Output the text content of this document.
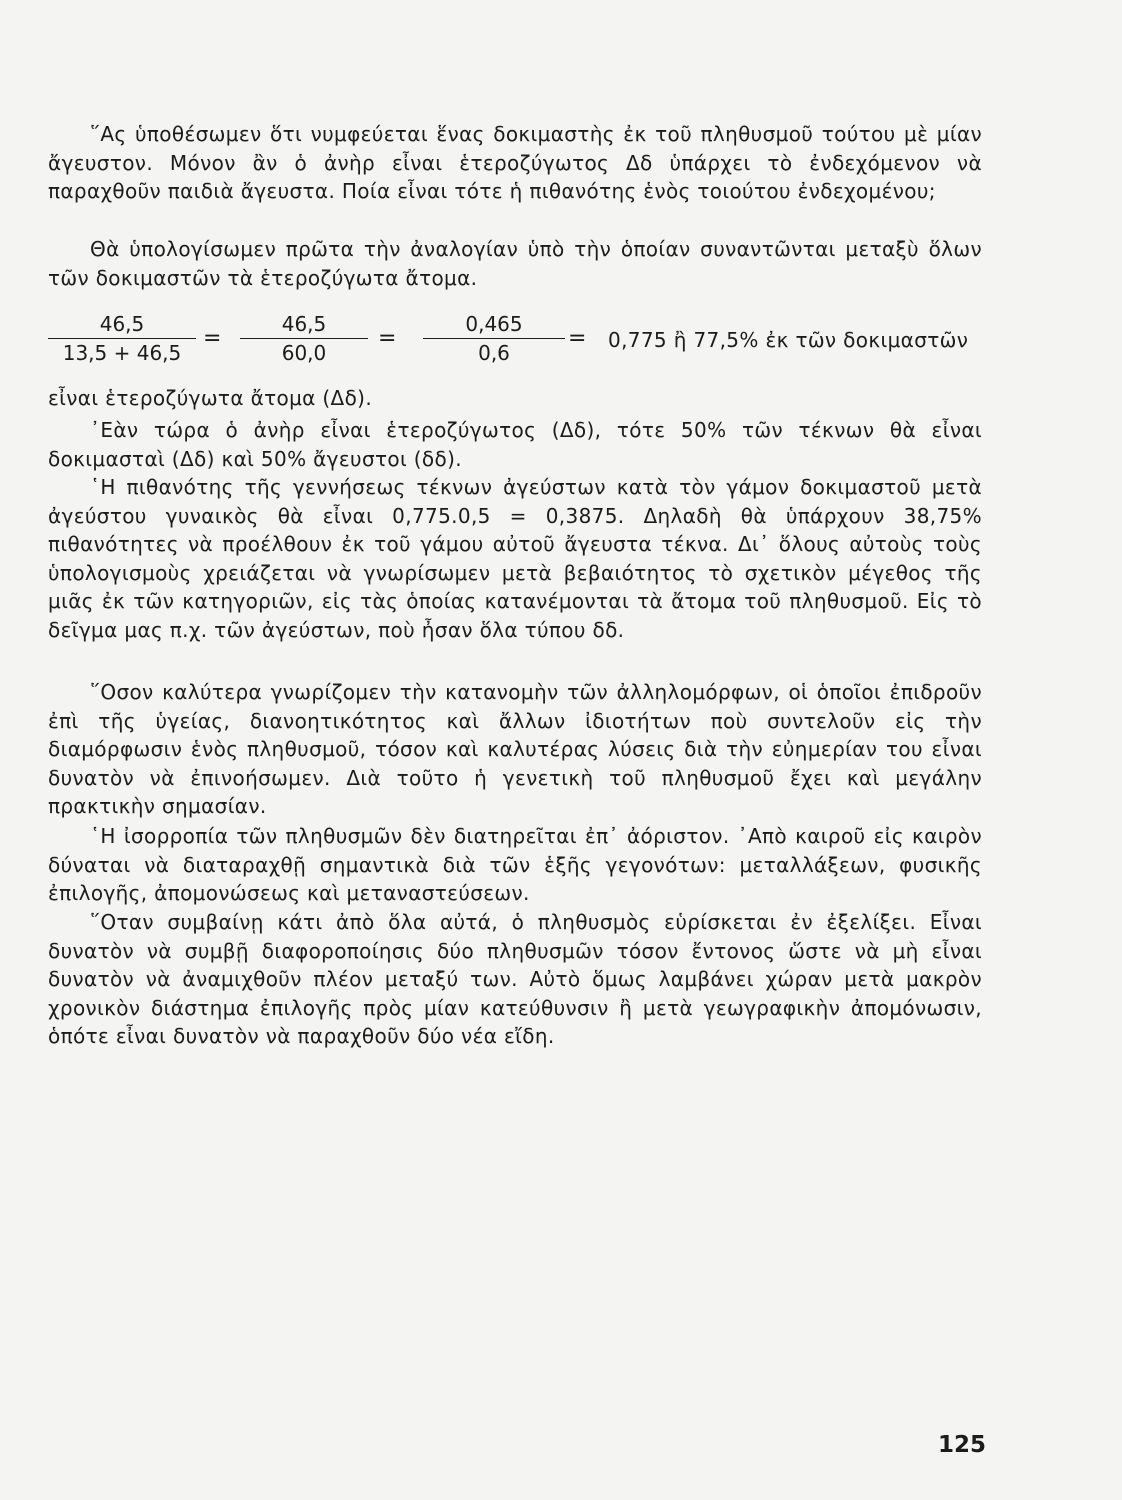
῞Ας ὑποθέσωμεν ὅτι νυμφεύεται ἕνας δοκιμαστὴς ἐκ τοῦ πληθυσμοῦ τούτου μὲ μίαν ἄγευστον. Μόνον ἂν ὁ ἀνὴρ εἶναι ἑτεροζύγωτος Δδ ὑπάρχει τὸ ἐνδεχόμενον νὰ παραχθοῦν παιδιὰ ἄγευστα. Ποία εἶναι τότε ἡ πιθανότης ἑνὸς τοιούτου ἐνδεχομένου;

Θὰ ὑπολογίσωμεν πρῶτα τὴν ἀναλογίαν ὑπὸ τὴν ὁποίαν συναντῶνται μεταξὺ ὅλων τῶν δοκιμαστῶν τὰ ἑτεροζύγωτα ἄτομα.

46,5
13,5 + 46,5
=
46,5
60,0
=
0,465
0,6
= 0,775 ἢ 77,5% ἐκ τῶν δοκιμαστῶν

εἶναι ἑτεροζύγωτα ἄτομα (Δδ).

᾿Εὰν τώρα ὁ ἀνὴρ εἶναι ἑτεροζύγωτος (Δδ), τότε 50% τῶν τέκνων θὰ εἶναι δοκιμασταὶ (Δδ) καὶ 50% ἄγευστοι (δδ).

῾Η πιθανότης τῆς γεννήσεως τέκνων ἀγεύστων κατὰ τὸν γάμον δοκιμαστοῦ μετὰ ἀγεύστου γυναικὸς θὰ εἶναι 0,775.0,5 = 0,3875. Δηλαδὴ θὰ ὑπάρχουν 38,75% πιθανότητες νὰ προέλθουν ἐκ τοῦ γάμου αὐτοῦ ἄγευστα τέκνα. Δι᾿ ὅλους αὐτοὺς τοὺς ὑπολογισμοὺς χρειάζεται νὰ γνωρίσωμεν μετὰ βεβαιότητος τὸ σχετικὸν μέγεθος τῆς μιᾶς ἐκ τῶν κατηγοριῶν, εἰς τὰς ὁποίας κατανέμονται τὰ ἄτομα τοῦ πληθυσμοῦ. Εἰς τὸ δεῖγμα μας π.χ. τῶν ἀγεύστων, ποὺ ἦσαν ὅλα τύπου δδ.

῞Οσον καλύτερα γνωρίζομεν τὴν κατανομὴν τῶν ἀλληλομόρφων, οἱ ὁποῖοι ἐπιδροῦν ἐπὶ τῆς ὑγείας, διανοητικότητος καὶ ἄλλων ἰδιοτήτων ποὺ συντελοῦν εἰς τὴν διαμόρφωσιν ἑνὸς πληθυσμοῦ, τόσον καὶ καλυτέρας λύσεις διὰ τὴν εὐημερίαν του εἶναι δυνατὸν νὰ ἐπινοήσωμεν. Διὰ τοῦτο ἡ γενετικὴ τοῦ πληθυσμοῦ ἔχει καὶ μεγάλην πρακτικὴν σημασίαν.

῾Η ἰσορροπία τῶν πληθυσμῶν δὲν διατηρεῖται ἐπ᾿ ἀόριστον. ᾿Απὸ καιροῦ εἰς καιρὸν δύναται νὰ διαταραχθῇ σημαντικὰ διὰ τῶν ἑξῆς γεγονότων: μεταλλάξεων, φυσικῆς ἐπιλογῆς, ἀπομονώσεως καὶ μεταναστεύσεων.

῞Οταν συμβαίνῃ κάτι ἀπὸ ὅλα αὐτά, ὁ πληθυσμὸς εὑρίσκεται ἐν ἐξελίξει. Εἶναι δυνατὸν νὰ συμβῇ διαφοροποίησις δύο πληθυσμῶν τόσον ἔντονος ὥστε νὰ μὴ εἶναι δυνατὸν νὰ ἀναμιχθοῦν πλέον μεταξύ των. Αὐτὸ ὅμως λαμβάνει χώραν μετὰ μακρὸν χρονικὸν διάστημα ἐπιλογῆς πρὸς μίαν κατεύθυνσιν ἢ μετὰ γεωγραφικὴν ἀπομόνωσιν, ὁπότε εἶναι δυνατὸν νὰ παραχθοῦν δύο νέα εἴδη.

125
